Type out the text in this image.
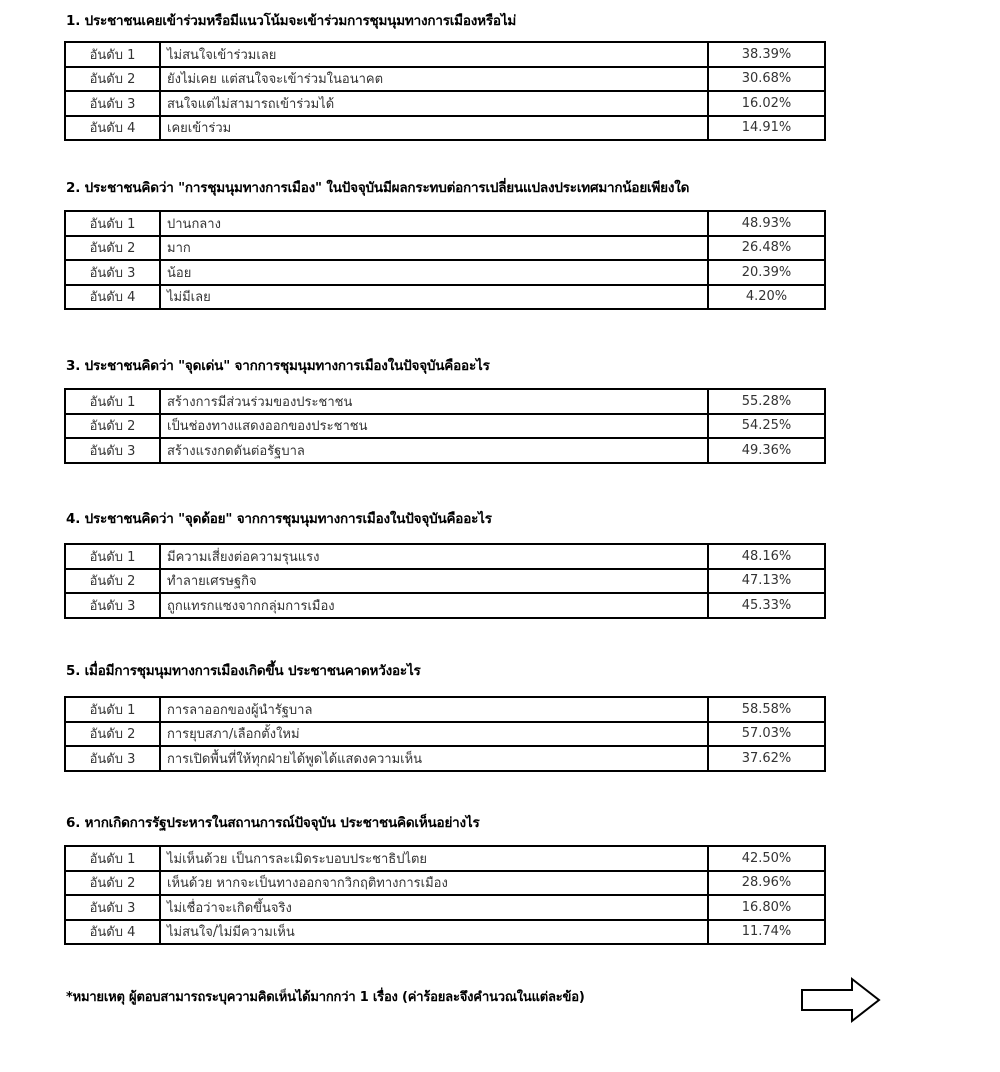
1. ประชาชนเคยเข้าร่วมหรือมีแนวโน้มจะเข้าร่วมการชุมนุมทางการเมืองหรือไม่
อันดับ 1	ไม่สนใจเข้าร่วมเลย	38.39%
อันดับ 2	ยังไม่เคย แต่สนใจจะเข้าร่วมในอนาคต	30.68%
อันดับ 3	สนใจแต่ไม่สามารถเข้าร่วมได้	16.02%
อันดับ 4	เคยเข้าร่วม	14.91%
2. ประชาชนคิดว่า "การชุมนุมทางการเมือง" ในปัจจุบันมีผลกระทบต่อการเปลี่ยนแปลงประเทศมากน้อยเพียงใด
อันดับ 1	ปานกลาง	48.93%
อันดับ 2	มาก	26.48%
อันดับ 3	น้อย	20.39%
อันดับ 4	ไม่มีเลย	4.20%
3. ประชาชนคิดว่า "จุดเด่น" จากการชุมนุมทางการเมืองในปัจจุบันคืออะไร
อันดับ 1	สร้างการมีส่วนร่วมของประชาชน	55.28%
อันดับ 2	เป็นช่องทางแสดงออกของประชาชน	54.25%
อันดับ 3	สร้างแรงกดดันต่อรัฐบาล	49.36%
4. ประชาชนคิดว่า "จุดด้อย" จากการชุมนุมทางการเมืองในปัจจุบันคืออะไร
อันดับ 1	มีความเสี่ยงต่อความรุนแรง	48.16%
อันดับ 2	ทำลายเศรษฐกิจ	47.13%
อันดับ 3	ถูกแทรกแซงจากกลุ่มการเมือง	45.33%
5. เมื่อมีการชุมนุมทางการเมืองเกิดขึ้น ประชาชนคาดหวังอะไร
อันดับ 1	การลาออกของผู้นำรัฐบาล	58.58%
อันดับ 2	การยุบสภา/เลือกตั้งใหม่	57.03%
อันดับ 3	การเปิดพื้นที่ให้ทุกฝ่ายได้พูดได้แสดงความเห็น	37.62%
6. หากเกิดการรัฐประหารในสถานการณ์ปัจจุบัน ประชาชนคิดเห็นอย่างไร
อันดับ 1	ไม่เห็นด้วย เป็นการละเมิดระบอบประชาธิปไตย	42.50%
อันดับ 2	เห็นด้วย หากจะเป็นทางออกจากวิกฤติทางการเมือง	28.96%
อันดับ 3	ไม่เชื่อว่าจะเกิดขึ้นจริง	16.80%
อันดับ 4	ไม่สนใจ/ไม่มีความเห็น	11.74%
*หมายเหตุ ผู้ตอบสามารถระบุความคิดเห็นได้มากกว่า 1 เรื่อง (ค่าร้อยละจึงคำนวณในแต่ละข้อ)
